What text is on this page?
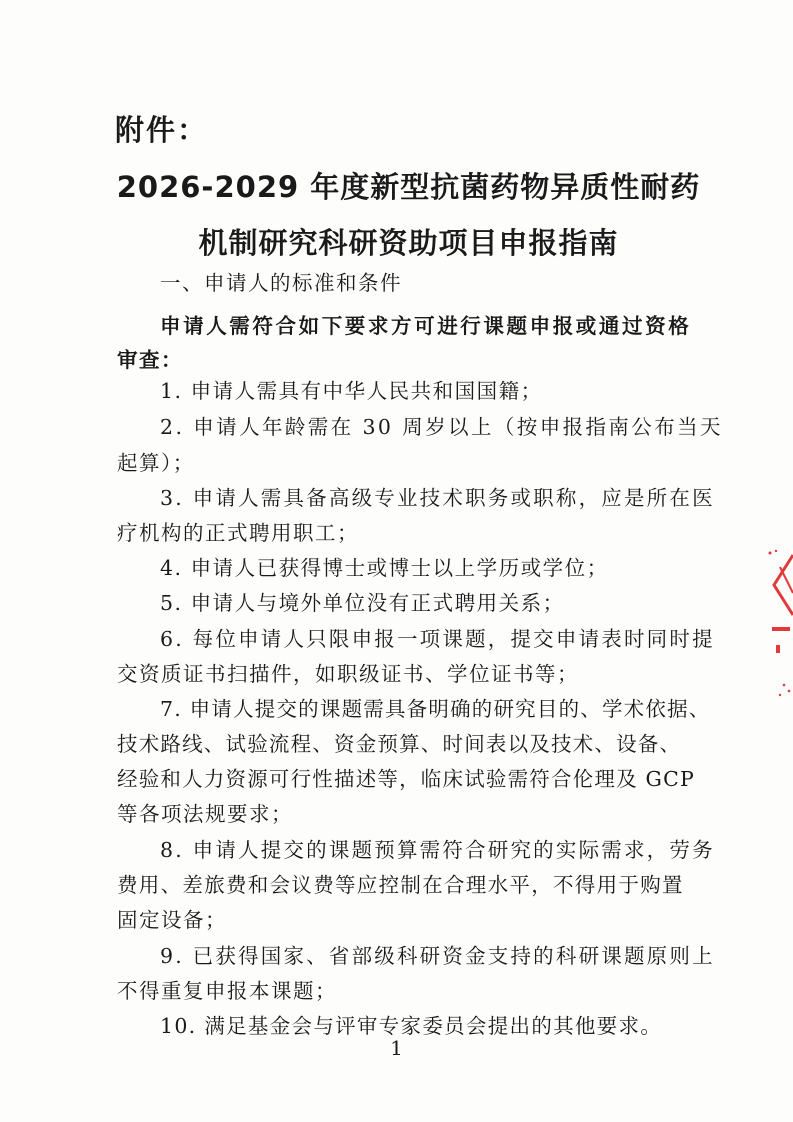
附件：
2026-2029 年度新型抗菌药物异质性耐药
机制研究科研资助项目申报指南
一、申请人的标准和条件
申请人需符合如下要求方可进行课题申报或通过资格
审查：
1. 申请人需具有中华人民共和国国籍；
2. 申请人年龄需在 30 周岁以上（按申报指南公布当天
起算）；
3. 申请人需具备高级专业技术职务或职称，应是所在医
疗机构的正式聘用职工；
4. 申请人已获得博士或博士以上学历或学位；
5. 申请人与境外单位没有正式聘用关系；
6. 每位申请人只限申报一项课题，提交申请表时同时提
交资质证书扫描件，如职级证书、学位证书等；
7. 申请人提交的课题需具备明确的研究目的、学术依据、
技术路线、试验流程、资金预算、时间表以及技术、设备、
经验和人力资源可行性描述等，临床试验需符合伦理及 GCP
等各项法规要求；
8. 申请人提交的课题预算需符合研究的实际需求，劳务
费用、差旅费和会议费等应控制在合理水平，不得用于购置
固定设备；
9. 已获得国家、省部级科研资金支持的科研课题原则上
不得重复申报本课题；
10. 满足基金会与评审专家委员会提出的其他要求。
1
